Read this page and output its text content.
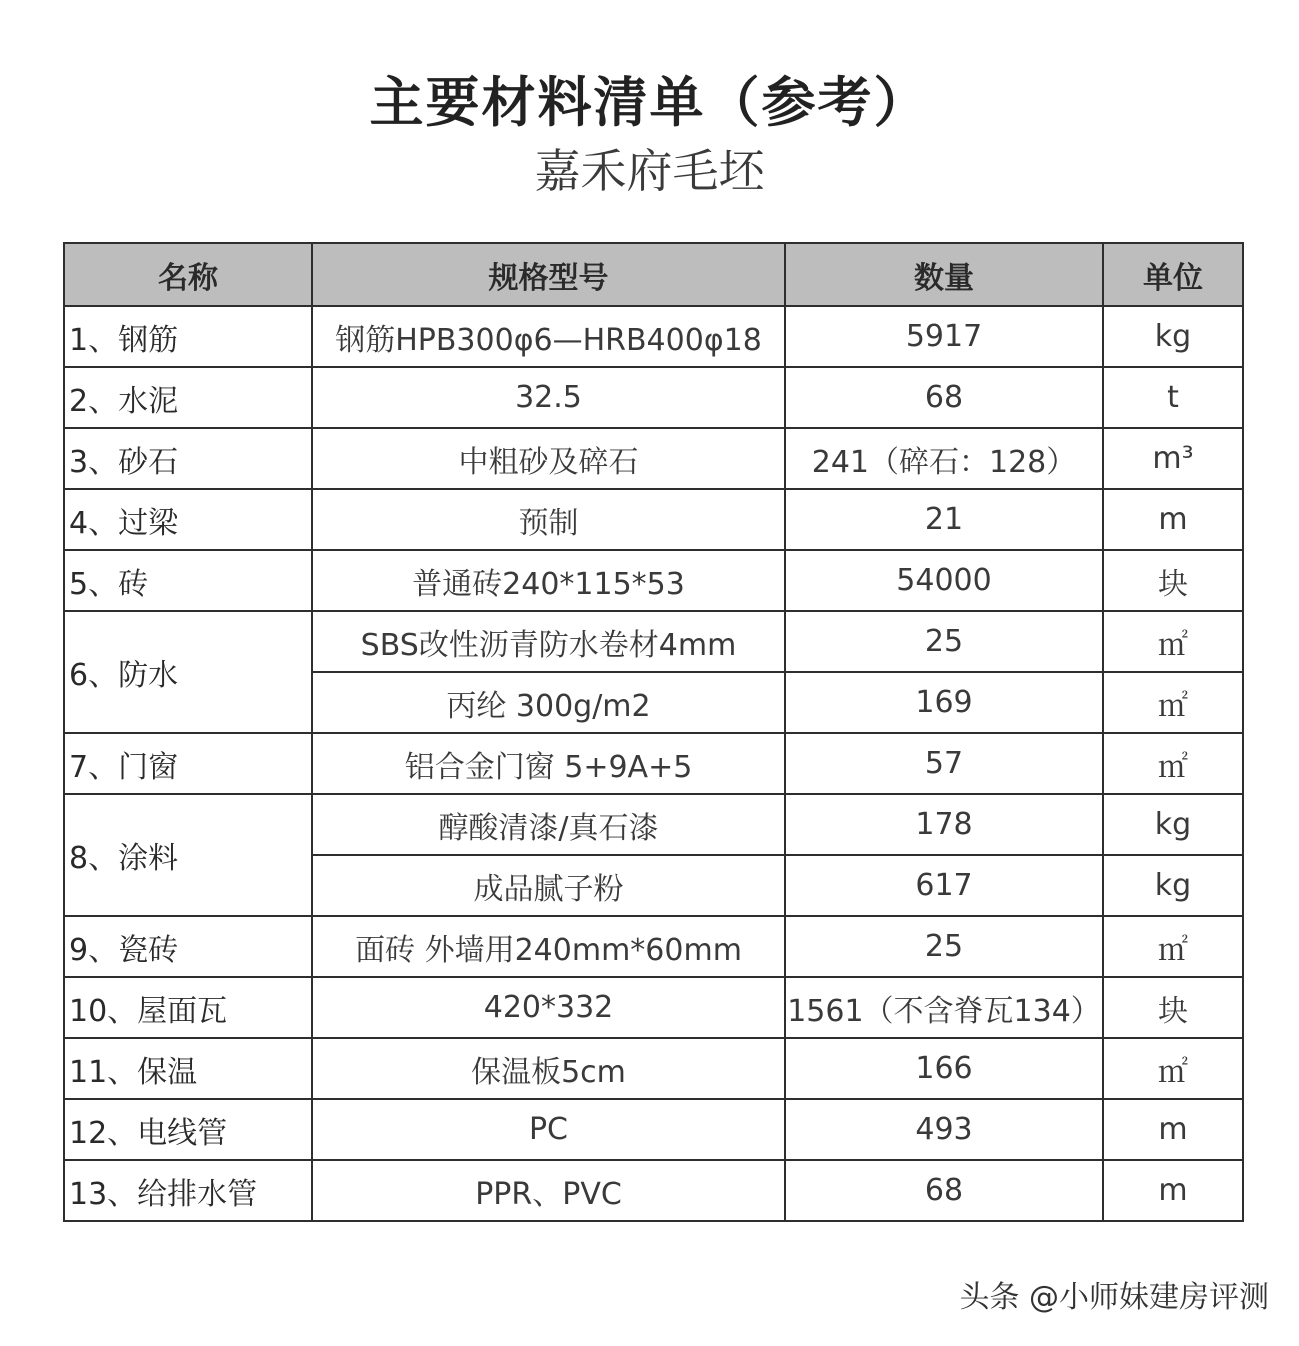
主要材料清单（参考）
嘉禾府毛坯
名称	规格型号	数量	单位
1、钢筋	钢筋HPB300φ6—HRB400φ18	5917	kg
2、水泥	32.5	68	t
3、砂石	中粗砂及碎石	241（碎石：128）	m³
4、过梁	预制	21	m
5、砖	普通砖240*115*53	54000	块
6、防水	SBS改性沥青防水卷材4mm	25	㎡
	丙纶 300g/m2	169	㎡
7、门窗	铝合金门窗 5+9A+5	57	㎡
8、涂料	醇酸清漆/真石漆	178	kg
	成品腻子粉	617	kg
9、瓷砖	面砖 外墙用240mm*60mm	25	㎡
10、屋面瓦	420*332	1561（不含脊瓦134）	块
11、保温	保温板5cm	166	㎡
12、电线管	PC	493	m
13、给排水管	PPR、PVC	68	m
头条 @小师妹建房评测
